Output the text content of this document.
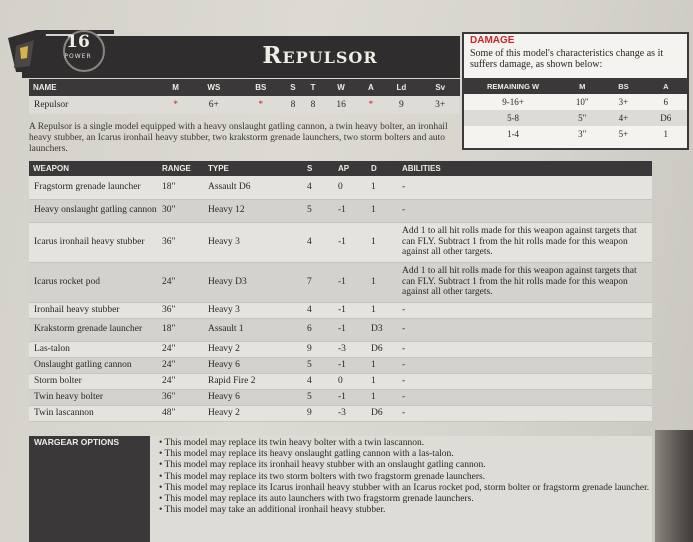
16
POWER	Repulsor
DAMAGE
Some of this model's characteristics change as it suffers damage, as shown below:
REMAINING W	M	BS	A
9-16+	10"	3+	6
5-8	5"	4+	D6
1-4	3"	5+	1
NAME	M	WS	BS	S	T	W	A	Ld	Sv
Repulsor	*	6+	*	8	8	16	*	9	3+
A Repulsor is a single model equipped with a heavy onslaught gatling cannon, a twin heavy bolter, an ironhail heavy stubber, an Icarus ironhail heavy stubber, two krakstorm grenade launchers, two storm bolters and auto launchers.
WEAPON	RANGE	TYPE	S	AP	D	ABILITIES
Fragstorm grenade launcher	18"	Assault D6	4	0	1	-
Heavy onslaught gatling cannon	30"	Heavy 12	5	-1	1	-
Icarus ironhail heavy stubber	36"	Heavy 3	4	-1	1	Add 1 to all hit rolls made for this weapon against targets that can FLY. Subtract 1 from the hit rolls made for this weapon against all other targets.
Icarus rocket pod	24"	Heavy D3	7	-1	1	Add 1 to all hit rolls made for this weapon against targets that can FLY. Subtract 1 from the hit rolls made for this weapon against all other targets.
Ironhail heavy stubber	36"	Heavy 3	4	-1	1	-
Krakstorm grenade launcher	18"	Assault 1	6	-1	D3	-
Las-talon	24"	Heavy 2	9	-3	D6	-
Onslaught gatling cannon	24"	Heavy 6	5	-1	1	-
Storm bolter	24"	Rapid Fire 2	4	0	1	-
Twin heavy bolter	36"	Heavy 6	5	-1	1	-
Twin lascannon	48"	Heavy 2	9	-3	D6	-
WARGEAR OPTIONS	• This model may replace its twin heavy bolter with a twin lascannon.
• This model may replace its heavy onslaught gatling cannon with a las-talon.
• This model may replace its ironhail heavy stubber with an onslaught gatling cannon.
• This model may replace its two storm bolters with two fragstorm grenade launchers.
• This model may replace its Icarus ironhail heavy stubber with an Icarus rocket pod, storm bolter or fragstorm grenade launcher.
• This model may replace its auto launchers with two fragstorm grenade launchers.
• This model may take an additional ironhail heavy stubber.
